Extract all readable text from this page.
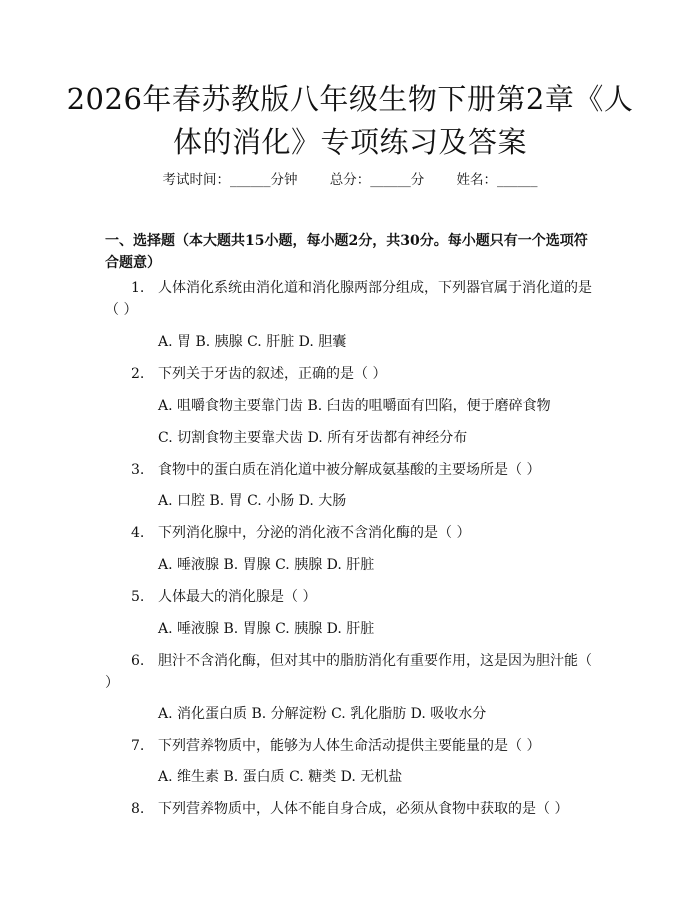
2026年春苏教版八年级生物下册第2章《人体的消化》专项练习及答案
考试时间：______分钟 总分：______分 姓名：______
一、选择题（本大题共15小题，每小题2分，共30分。每小题只有一个选项符合题意）
1. 人体消化系统由消化道和消化腺两部分组成，下列器官属于消化道的是（ ）
A. 胃 B. 胰腺 C. 肝脏 D. 胆囊
2. 下列关于牙齿的叙述，正确的是（ ）
A. 咀嚼食物主要靠门齿 B. 臼齿的咀嚼面有凹陷，便于磨碎食物
C. 切割食物主要靠犬齿 D. 所有牙齿都有神经分布
3. 食物中的蛋白质在消化道中被分解成氨基酸的主要场所是（ ）
A. 口腔 B. 胃 C. 小肠 D. 大肠
4. 下列消化腺中，分泌的消化液不含消化酶的是（ ）
A. 唾液腺 B. 胃腺 C. 胰腺 D. 肝脏
5. 人体最大的消化腺是（ ）
A. 唾液腺 B. 胃腺 C. 胰腺 D. 肝脏
6. 胆汁不含消化酶，但对其中的脂肪消化有重要作用，这是因为胆汁能（ ）
A. 消化蛋白质 B. 分解淀粉 C. 乳化脂肪 D. 吸收水分
7. 下列营养物质中，能够为人体生命活动提供主要能量的是（ ）
A. 维生素 B. 蛋白质 C. 糖类 D. 无机盐
8. 下列营养物质中，人体不能自身合成，必须从食物中获取的是（ ）
